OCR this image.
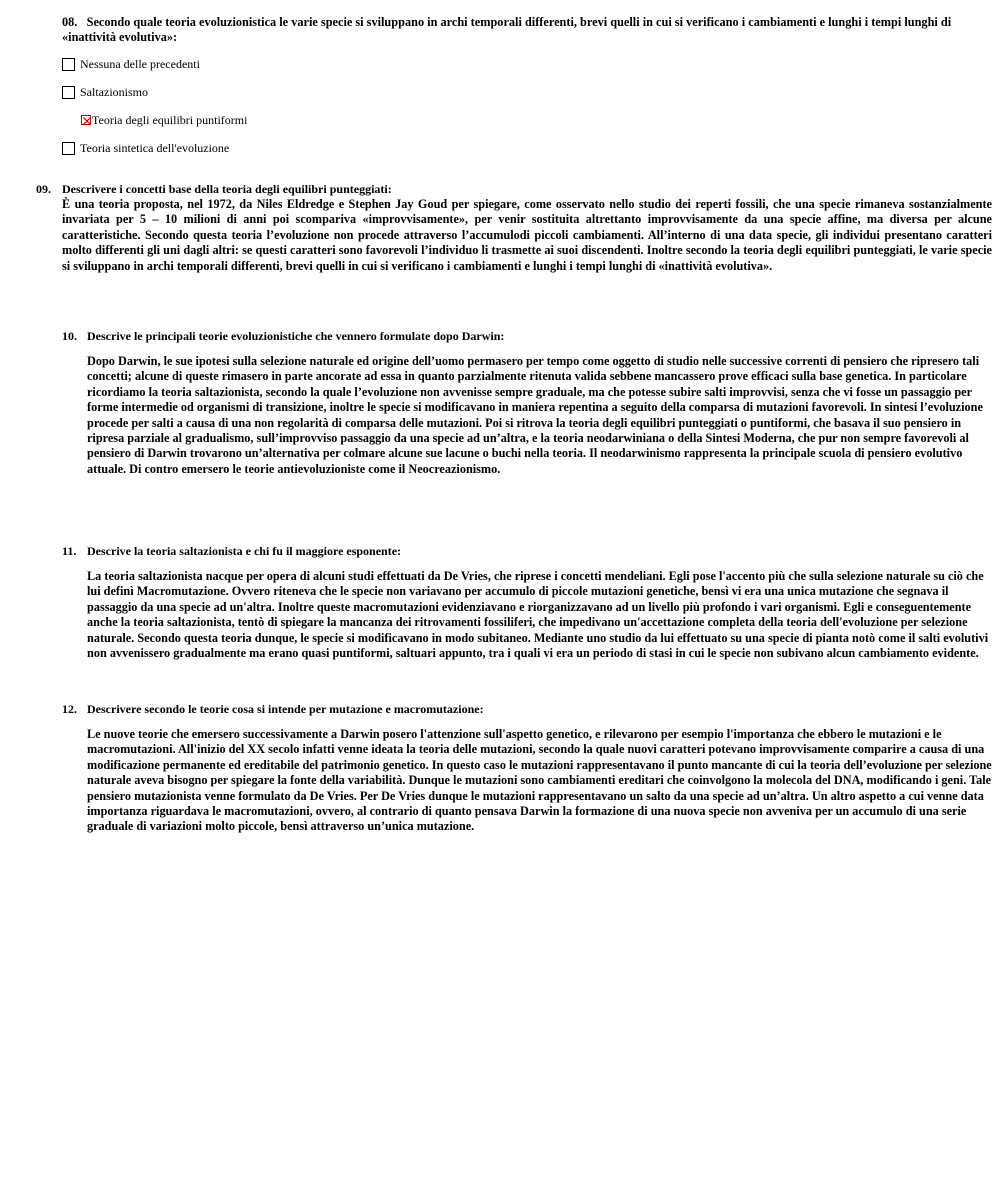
08. Secondo quale teoria evoluzionistica le varie specie si sviluppano in archi temporali differenti, brevi quelli in cui si verificano i cambiamenti e lunghi i tempi lunghi di «inattività evolutiva»:
Nessuna delle precedenti
Saltazionismo
Teoria degli equilibri puntiformi
Teoria sintetica dell'evoluzione
09. Descrivere i concetti base della teoria degli equilibri punteggiati:
È una teoria proposta, nel 1972, da Niles Eldredge e Stephen Jay Goud per spiegare, come osservato nello studio dei reperti fossili, che una specie rimaneva sostanzialmente invariata per 5 – 10 milioni di anni poi scompariva «improvvisamente», per venir sostituita altrettanto improvvisamente da una specie affine, ma diversa per alcune caratteristiche. Secondo questa teoria l’evoluzione non procede attraverso l’accumulodi piccoli cambiamenti. All’interno di una data specie, gli individui presentano caratteri molto differenti gli uni dagli altri: se questi caratteri sono favorevoli l’individuo li trasmette ai suoi discendenti. Inoltre secondo la teoria degli equilibri punteggiati, le varie specie si sviluppano in archi temporali differenti, brevi quelli in cui si verificano i cambiamenti e lunghi i tempi lunghi di «inattività evolutiva».
10. Descrive le principali teorie evoluzionistiche che vennero formulate dopo Darwin:
Dopo Darwin, le sue ipotesi sulla selezione naturale ed origine dell’uomo permasero per tempo come oggetto di studio nelle successive correnti di pensiero che ripresero tali concetti; alcune di queste rimasero in parte ancorate ad essa in quanto parzialmente ritenuta valida sebbene mancassero prove efficaci sulla base genetica. In particolare ricordiamo la teoria saltazionista, secondo la quale l’evoluzione non avvenisse sempre graduale, ma che potesse subire salti improvvisi, senza che vi fosse un passaggio per forme intermedie od organismi di transizione, inoltre le specie si modificavano in maniera repentina a seguito della comparsa di mutazioni favorevoli. In sintesi l’evoluzione procede per salti a causa di una non regolarità di comparsa delle mutazioni. Poi si ritrova la teoria degli equilibri punteggiati o puntiformi, che basava il suo pensiero in ripresa parziale al gradualismo, sull’improvviso passaggio da una specie ad un’altra, e la teoria neodarwiniana o della Sintesi Moderna, che pur non sempre favorevoli al pensiero di Darwin trovarono un’alternativa per colmare alcune sue lacune o buchi nella teoria. Il neodarwinismo rappresenta la principale scuola di pensiero evolutivo attuale. Di contro emersero le teorie antievoluzioniste come il Neocreazionismo.
11. Descrive la teoria saltazionista e chi fu il maggiore esponente:
La teoria saltazionista nacque per opera di alcuni studi effettuati da De Vries, che riprese i concetti mendeliani. Egli pose l'accento più che sulla selezione naturale su ciò che lui definì Macromutazione. Ovvero riteneva che le specie non variavano per accumulo di piccole mutazioni genetiche, bensì vi era una unica mutazione che segnava il passaggio da una specie ad un'altra. Inoltre queste macromutazioni evidenziavano e riorganizzavano ad un livello più profondo i vari organismi. Egli e conseguentemente anche la teoria saltazionista, tentò di spiegare la mancanza dei ritrovamenti fossiliferi, che impedivano un'accettazione completa della teoria dell'evoluzione per selezione naturale. Secondo questa teoria dunque, le specie si modificavano in modo subitaneo. Mediante uno studio da lui effettuato su una specie di pianta notò come il salti evolutivi non avvenissero gradualmente ma erano quasi puntiformi, saltuari appunto, tra i quali vi era un periodo di stasi in cui le specie non subivano alcun cambiamento evidente.
12. Descrivere secondo le teorie cosa si intende per mutazione e macromutazione:
Le nuove teorie che emersero successivamente a Darwin posero l'attenzione sull'aspetto genetico, e rilevarono per esempio l'importanza che ebbero le mutazioni e le macromutazioni. All'inizio del XX secolo infatti venne ideata la teoria delle mutazioni, secondo la quale nuovi caratteri potevano improvvisamente comparire a causa di una modificazione permanente ed ereditabile del patrimonio genetico. In questo caso le mutazioni rappresentavano il punto mancante di cui la teoria dell’evoluzione per selezione naturale aveva bisogno per spiegare la fonte della variabilità. Dunque le mutazioni sono cambiamenti ereditari che coinvolgono la molecola del DNA, modificando i geni. Tale pensiero mutazionista venne formulato da De Vries. Per De Vries dunque le mutazioni rappresentavano un salto da una specie ad un’altra. Un altro aspetto a cui venne data importanza riguardava le macromutazioni, ovvero, al contrario di quanto pensava Darwin la formazione di una nuova specie non avveniva per un accumulo di una serie graduale di variazioni molto piccole, bensì attraverso un’unica mutazione.
